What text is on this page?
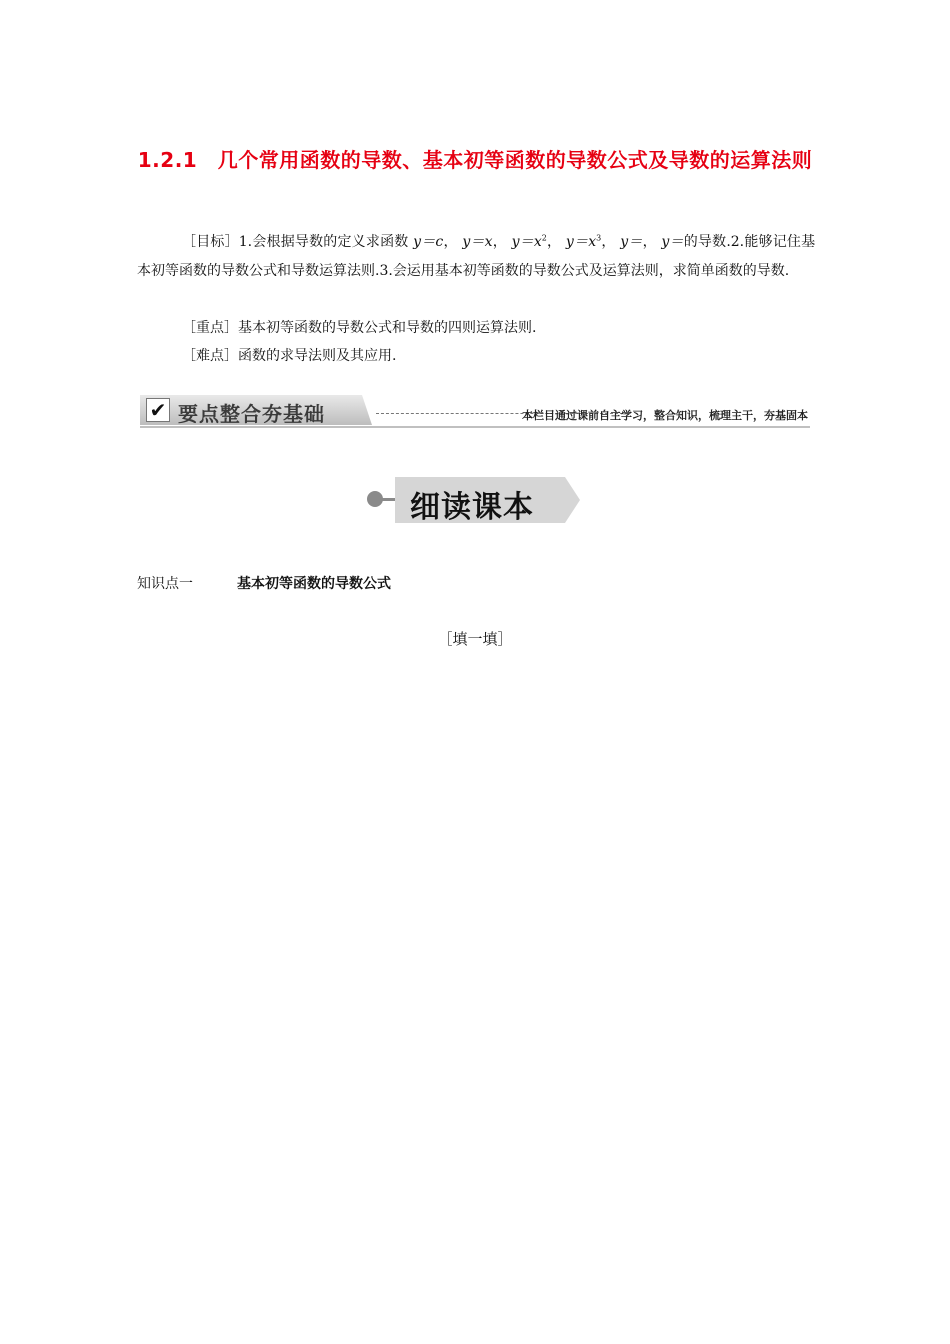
1.2.1　几个常用函数的导数、基本初等函数的导数公式及导数的运算法则
［目标］1.会根据导数的定义求函数 y＝c， y＝x， $y=x^2$， $y=x^3$， y＝， y＝的导数.2.能够记住基本初等函数的导数公式和导数运算法则.3.会运用基本初等函数的导数公式及运算法则，求简单函数的导数.
［重点］基本初等函数的导数公式和导数的四则运算法则.
［难点］函数的求导法则及其应用.
✔ 要点整合夯基础	本栏目通过课前自主学习，整合知识，梳理主干，夯基固本
细读课本
知识点一	基本初等函数的导数公式
［填一填］
